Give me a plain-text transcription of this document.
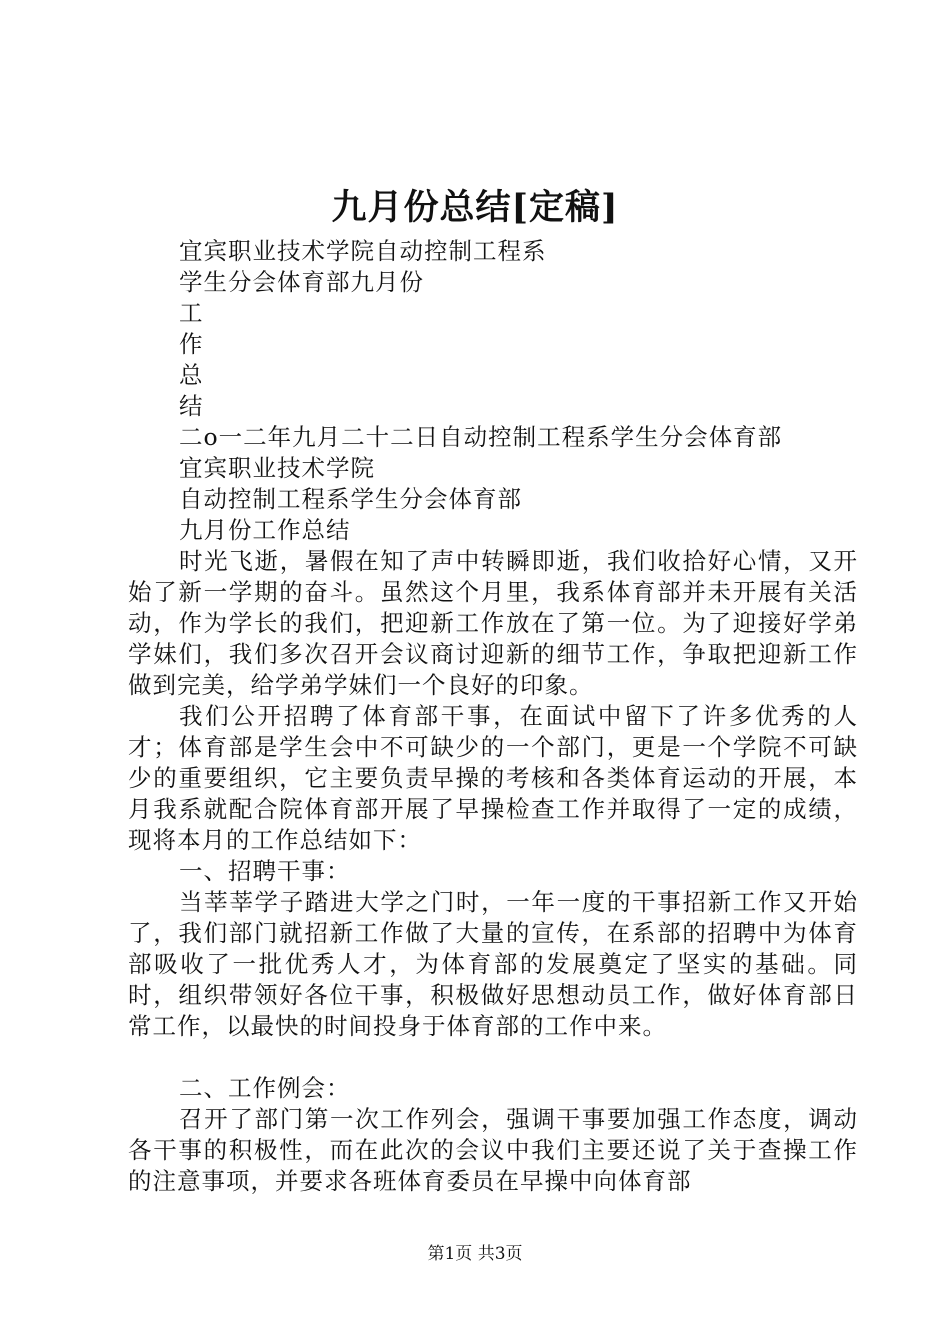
九月份总结[定稿]
宜宾职业技术学院自动控制工程系
学生分会体育部九月份
工
作
总
结
二o一二年九月二十二日自动控制工程系学生分会体育部
宜宾职业技术学院
自动控制工程系学生分会体育部
九月份工作总结
时光飞逝，暑假在知了声中转瞬即逝，我们收拾好心情，又开始了新一学期的奋斗。虽然这个月里，我系体育部并未开展有关活动，作为学长的我们，把迎新工作放在了第一位。为了迎接好学弟学妹们，我们多次召开会议商讨迎新的细节工作，争取把迎新工作做到完美，给学弟学妹们一个良好的印象。
我们公开招聘了体育部干事，在面试中留下了许多优秀的人才；体育部是学生会中不可缺少的一个部门，更是一个学院不可缺少的重要组织，它主要负责早操的考核和各类体育运动的开展，本月我系就配合院体育部开展了早操检查工作并取得了一定的成绩，现将本月的工作总结如下：
一、招聘干事：
当莘莘学子踏进大学之门时，一年一度的干事招新工作又开始了，我们部门就招新工作做了大量的宣传，在系部的招聘中为体育部吸收了一批优秀人才，为体育部的发展奠定了坚实的基础。同时，组织带领好各位干事，积极做好思想动员工作，做好体育部日常工作，以最快的时间投身于体育部的工作中来。
二、工作例会：
召开了部门第一次工作列会，强调干事要加强工作态度，调动各干事的积极性，而在此次的会议中我们主要还说了关于查操工作的注意事项，并要求各班体育委员在早操中向体育部
第1页 共3页
